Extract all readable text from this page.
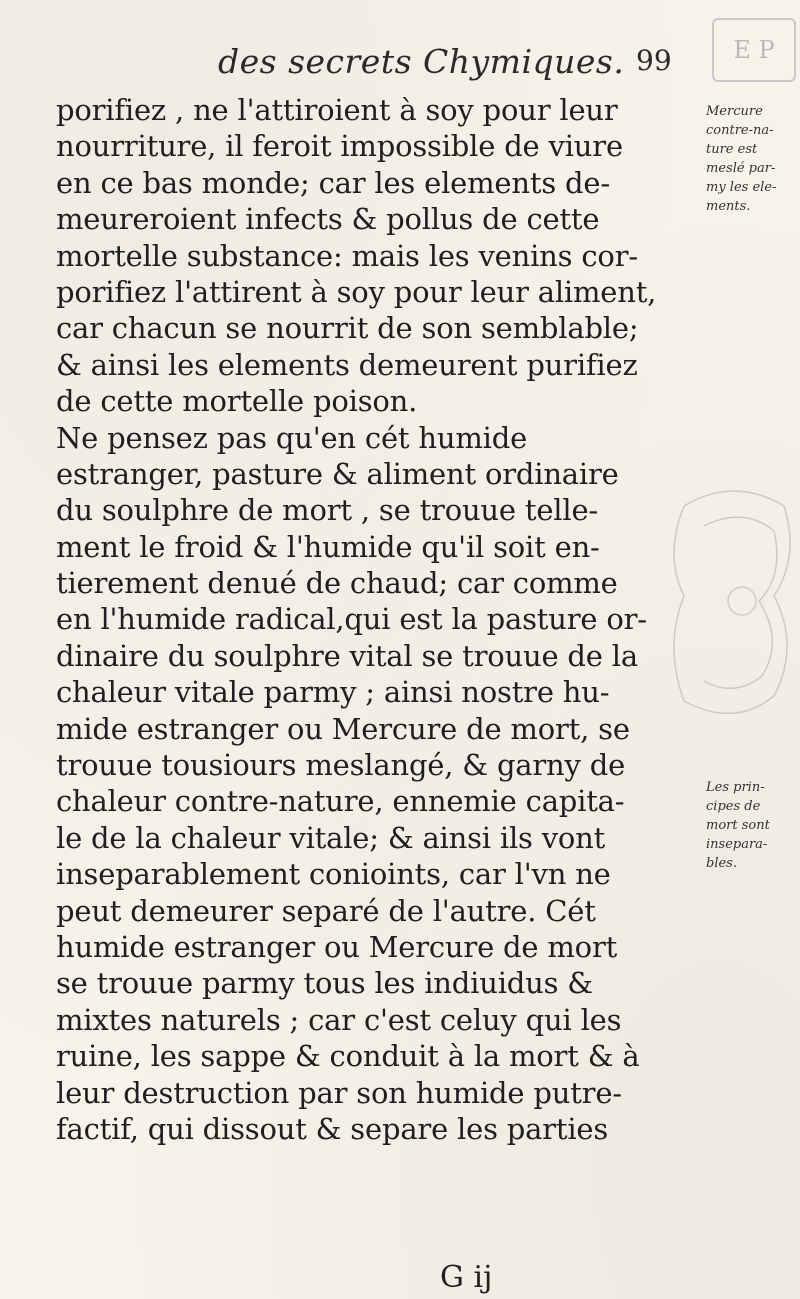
des secrets Chymiques. 99	E P
porifiez , ne l'attiroient à soy pour leur
nourriture, il feroit impossible de viure
en ce bas monde; car les elements de-
meureroient infects & pollus de cette
mortelle substance: mais les venins cor-
porifiez l'attirent à soy pour leur aliment,
car chacun se nourrit de son semblable;
& ainsi les elements demeurent purifiez
de cette mortelle poison.
Ne pensez pas qu'en cét humide
estranger, pasture & aliment ordinaire
du soulphre de mort , se trouue telle-
ment le froid & l'humide qu'il soit en-
tierement denué de chaud; car comme
en l'humide radical,qui est la pasture or-
dinaire du soulphre vital se trouue de la
chaleur vitale parmy ; ainsi nostre hu-
mide estranger ou Mercure de mort, se
trouue tousiours meslangé, & garny de
chaleur contre-nature, ennemie capita-
le de la chaleur vitale; & ainsi ils vont
inseparablement conioints, car l'vn ne
peut demeurer separé de l'autre. Cét
humide estranger ou Mercure de mort
se trouue parmy tous les indiuidus &
mixtes naturels ; car c'est celuy qui les
ruine, les sappe & conduit à la mort & à
leur destruction par son humide putre-
factif, qui dissout & separe les parties
Mercure
contre-na-
ture est
meslé par-
my les ele-
ments.
Les prin-
cipes de
mort sont
insepara-
bles.
G ij
